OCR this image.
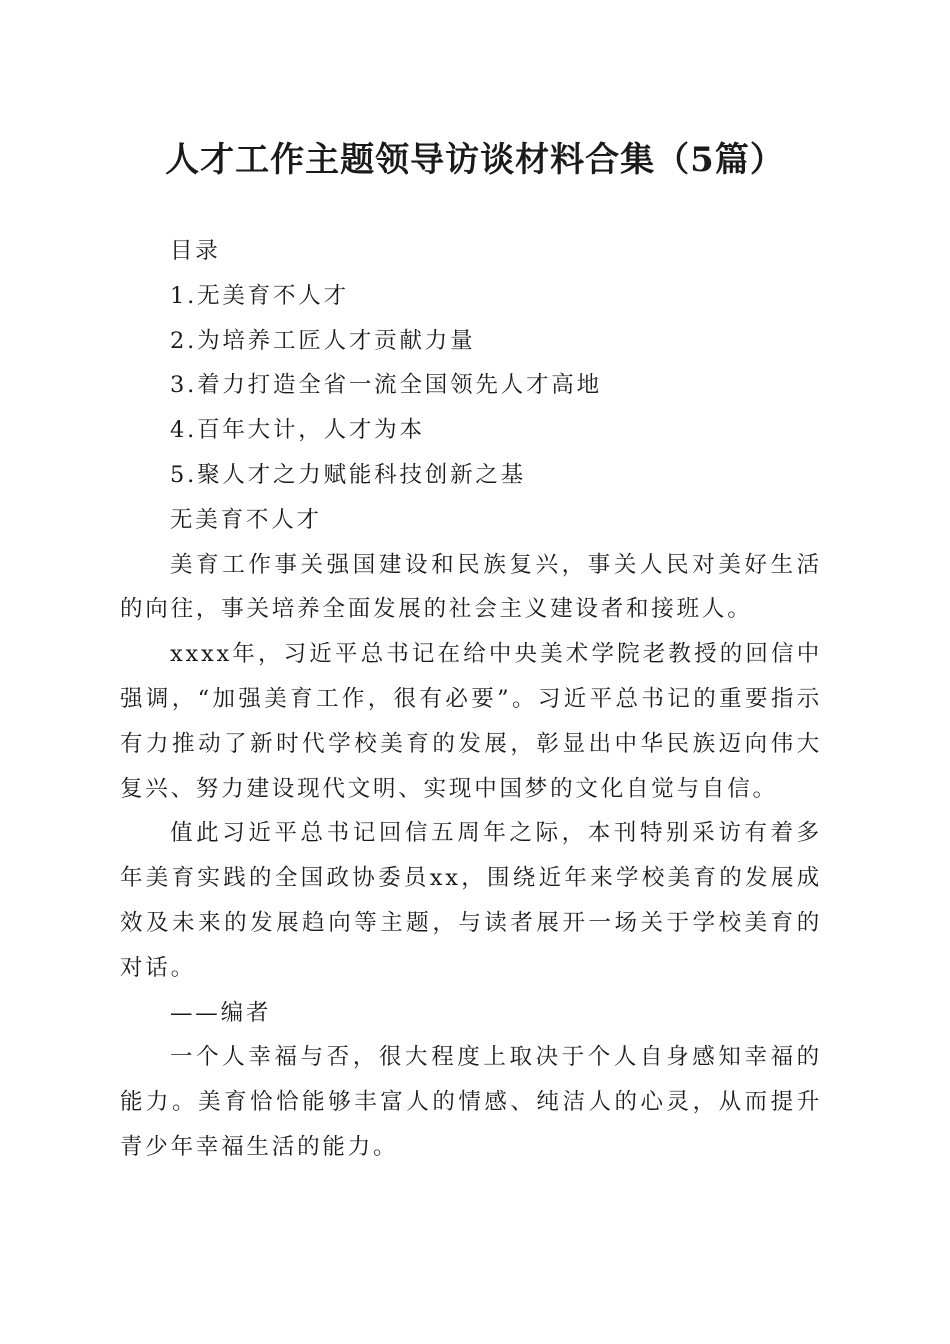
人才工作主题领导访谈材料合集（5篇）

目录

1.无美育不人才

2.为培养工匠人才贡献力量

3.着力打造全省一流全国领先人才高地

4.百年大计，人才为本

5.聚人才之力赋能科技创新之基

无美育不人才

美育工作事关强国建设和民族复兴，事关人民对美好生活的向往，事关培养全面发展的社会主义建设者和接班人。

xxxx年，习近平总书记在给中央美术学院老教授的回信中强调，“加强美育工作，很有必要”。习近平总书记的重要指示有力推动了新时代学校美育的发展，彰显出中华民族迈向伟大复兴、努力建设现代文明、实现中国梦的文化自觉与自信。

值此习近平总书记回信五周年之际，本刊特别采访有着多年美育实践的全国政协委员xx，围绕近年来学校美育的发展成效及未来的发展趋向等主题，与读者展开一场关于学校美育的对话。

——编者

一个人幸福与否，很大程度上取决于个人自身感知幸福的能力。美育恰恰能够丰富人的情感、纯洁人的心灵，从而提升青少年幸福生活的能力。
